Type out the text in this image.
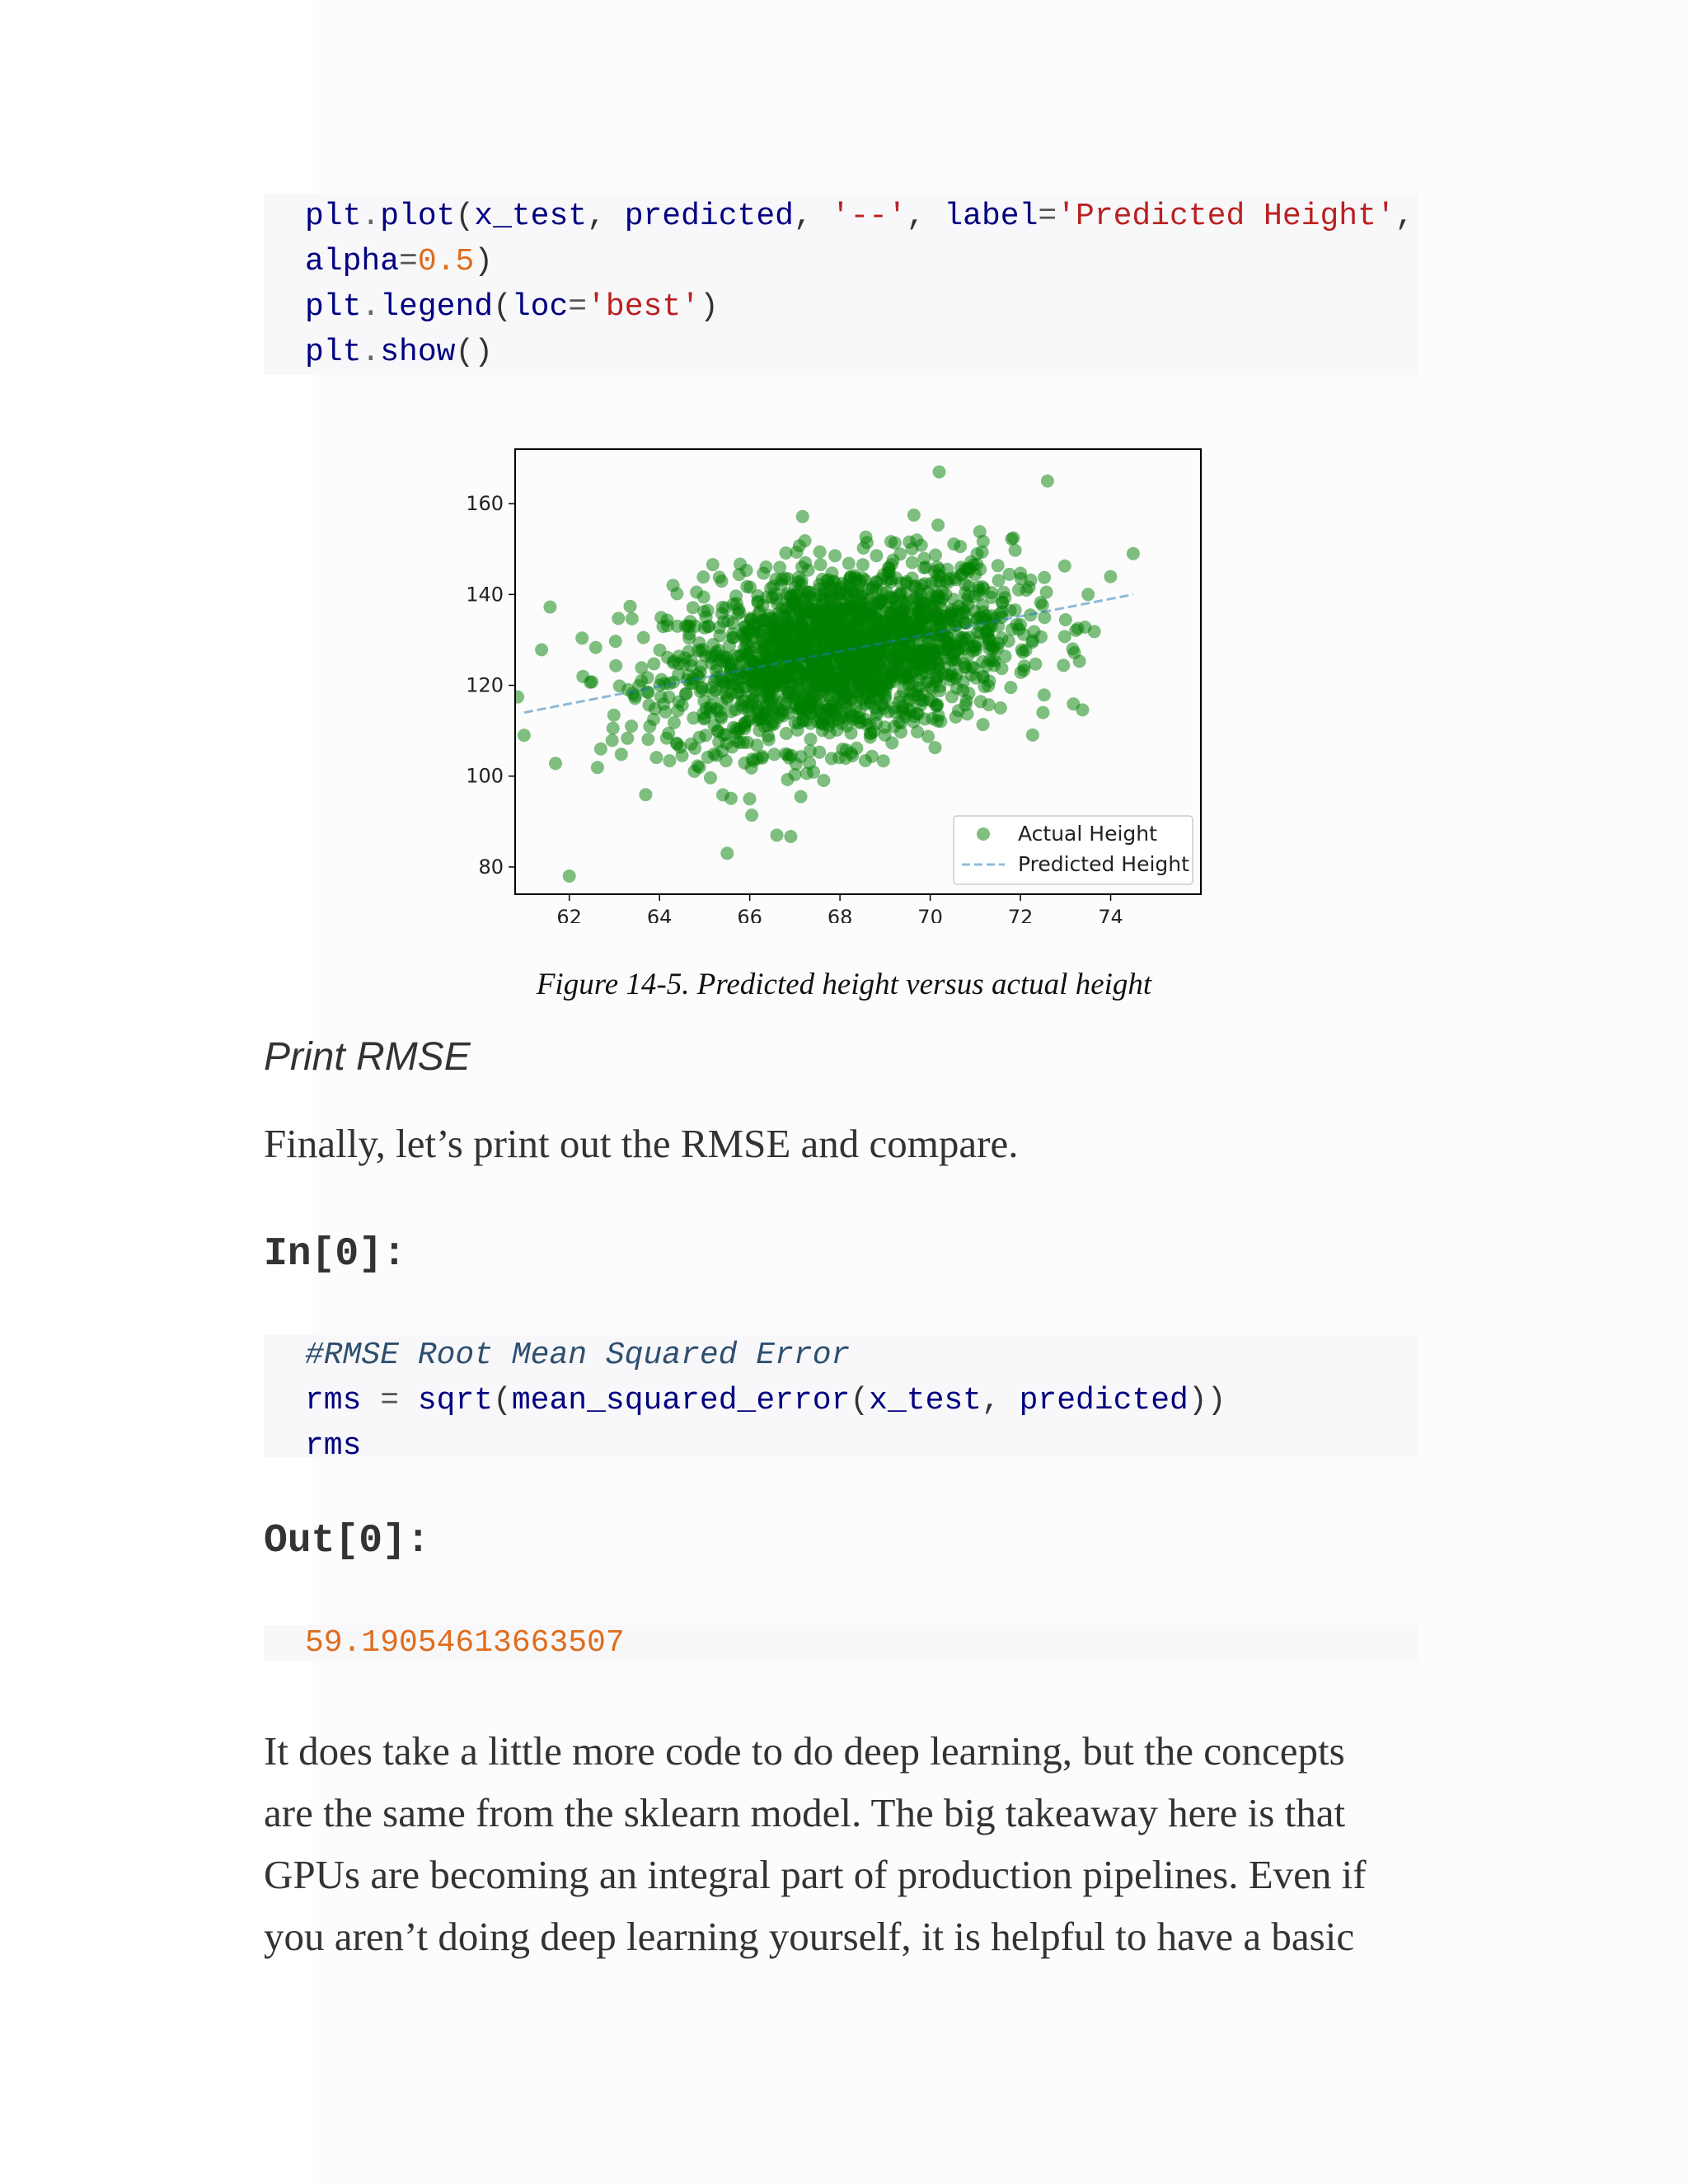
plt.plot(x_test, predicted, '--', label='Predicted Height',
alpha=0.5)
plt.legend(loc='best')
plt.show()
62	64	66	68	70	72	74
80
100
120
140
160
Actual Height
Predicted Height
Figure 14-5. Predicted height versus actual height
Print RMSE
Finally, let’s print out the RMSE and compare.
In[0]:
#RMSE Root Mean Squared Error
rms = sqrt(mean_squared_error(x_test, predicted))
rms
Out[0]:
59.19054613663507
It does take a little more code to do deep learning, but the concepts
are the same from the sklearn model. The big takeaway here is that
GPUs are becoming an integral part of production pipelines. Even if
you aren’t doing deep learning yourself, it is helpful to have a basic
